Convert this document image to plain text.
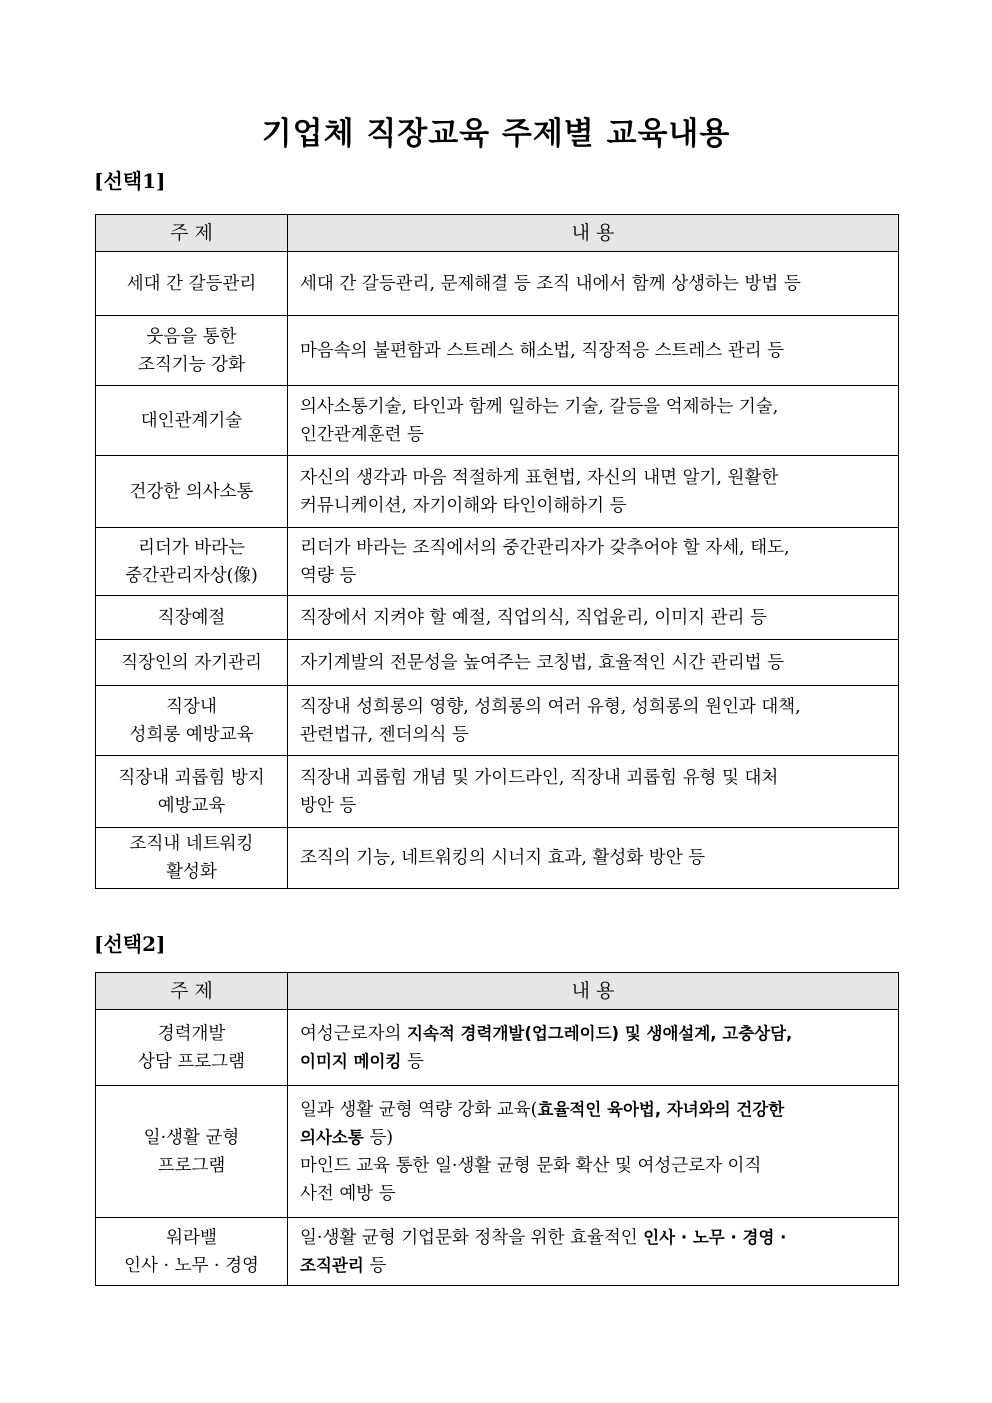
기업체 직장교육 주제별 교육내용
[선택1]
주 제	내 용

세대 간 갈등관리	세대 간 갈등관리, 문제해결 등 조직 내에서 함께 상생하는 방법 등

웃음을 통한
조직기능 강화	마음속의 불편함과 스트레스 해소법, 직장적응 스트레스 관리 등

대인관계기술	의사소통기술, 타인과 함께 일하는 기술, 갈등을 억제하는 기술,
인간관계훈련 등

건강한 의사소통	자신의 생각과 마음 적절하게 표현법, 자신의 내면 알기, 원활한
커뮤니케이션, 자기이해와 타인이해하기 등

리더가 바라는
중간관리자상(像)	리더가 바라는 조직에서의 중간관리자가 갖추어야 할 자세, 태도,
역량 등

직장예절	직장에서 지켜야 할 예절, 직업의식, 직업윤리, 이미지 관리 등

직장인의 자기관리	자기계발의 전문성을 높여주는 코칭법, 효율적인 시간 관리법 등

직장내
성희롱 예방교육	직장내 성희롱의 영향, 성희롱의 여러 유형, 성희롱의 원인과 대책,
관련법규, 젠더의식 등

직장내 괴롭힘 방지
예방교육	직장내 괴롭힘 개념 및 가이드라인, 직장내 괴롭힘 유형 및 대처
방안 등

조직내 네트워킹
활성화	조직의 기능, 네트워킹의 시너지 효과, 활성화 방안 등
[선택2]
주 제	내 용

경력개발
상담 프로그램	여성근로자의 지속적 경력개발(업그레이드) 및 생애설계, 고충상담,
이미지 메이킹 등

일·생활 균형
프로그램	일과 생활 균형 역량 강화 교육(효율적인 육아법, 자녀와의 건강한
의사소통 등)
마인드 교육 통한 일·생활 균형 문화 확산 및 여성근로자 이직
사전 예방 등

워라밸
인사 · 노무 · 경영	일·생활 균형 기업문화 정착을 위한 효율적인 인사 · 노무 · 경영 ·
조직관리 등
